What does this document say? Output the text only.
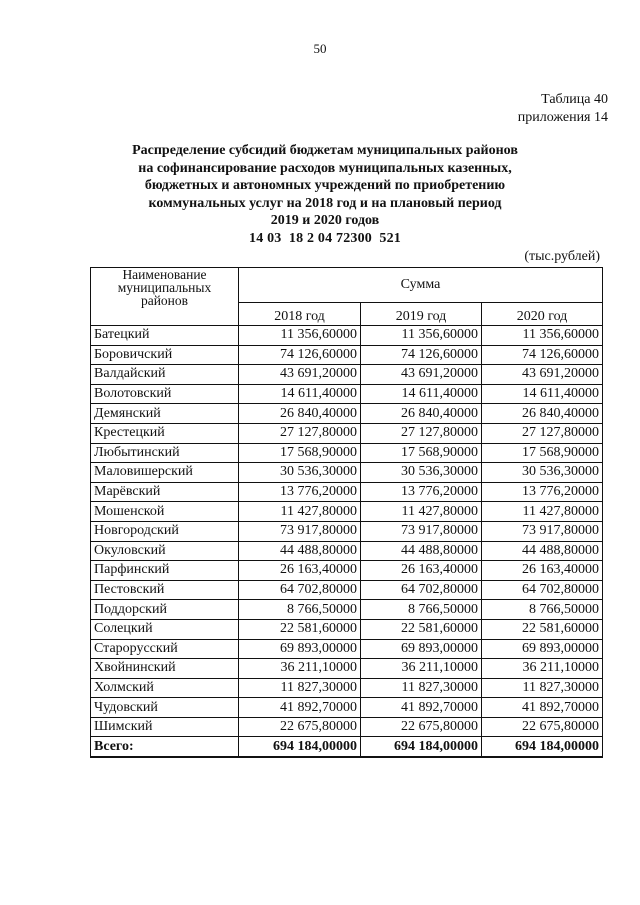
50
Таблица 40
приложения 14
Распределение субсидий бюджетам муниципальных районов
на софинансирование расходов муниципальных казенных,
бюджетных и автономных учреждений по приобретению
коммунальных услуг на 2018 год и на плановый период
2019 и 2020 годов
14 03  18 2 04 72300  521
(тыс.рублей)
Наименование
муниципальных
районов	Сумма		
	2018 год	2019 год	2020 год
Батецкий	11 356,60000	11 356,60000	11 356,60000
Боровичский	74 126,60000	74 126,60000	74 126,60000
Валдайский	43 691,20000	43 691,20000	43 691,20000
Волотовский	14 611,40000	14 611,40000	14 611,40000
Демянский	26 840,40000	26 840,40000	26 840,40000
Крестецкий	27 127,80000	27 127,80000	27 127,80000
Любытинский	17 568,90000	17 568,90000	17 568,90000
Маловишерский	30 536,30000	30 536,30000	30 536,30000
Марёвский	13 776,20000	13 776,20000	13 776,20000
Мошенской	11 427,80000	11 427,80000	11 427,80000
Новгородский	73 917,80000	73 917,80000	73 917,80000
Окуловский	44 488,80000	44 488,80000	44 488,80000
Парфинский	26 163,40000	26 163,40000	26 163,40000
Пестовский	64 702,80000	64 702,80000	64 702,80000
Поддорский	8 766,50000	8 766,50000	8 766,50000
Солецкий	22 581,60000	22 581,60000	22 581,60000
Старорусский	69 893,00000	69 893,00000	69 893,00000
Хвойнинский	36 211,10000	36 211,10000	36 211,10000
Холмский	11 827,30000	11 827,30000	11 827,30000
Чудовский	41 892,70000	41 892,70000	41 892,70000
Шимский	22 675,80000	22 675,80000	22 675,80000
Всего:	694 184,00000	694 184,00000	694 184,00000
